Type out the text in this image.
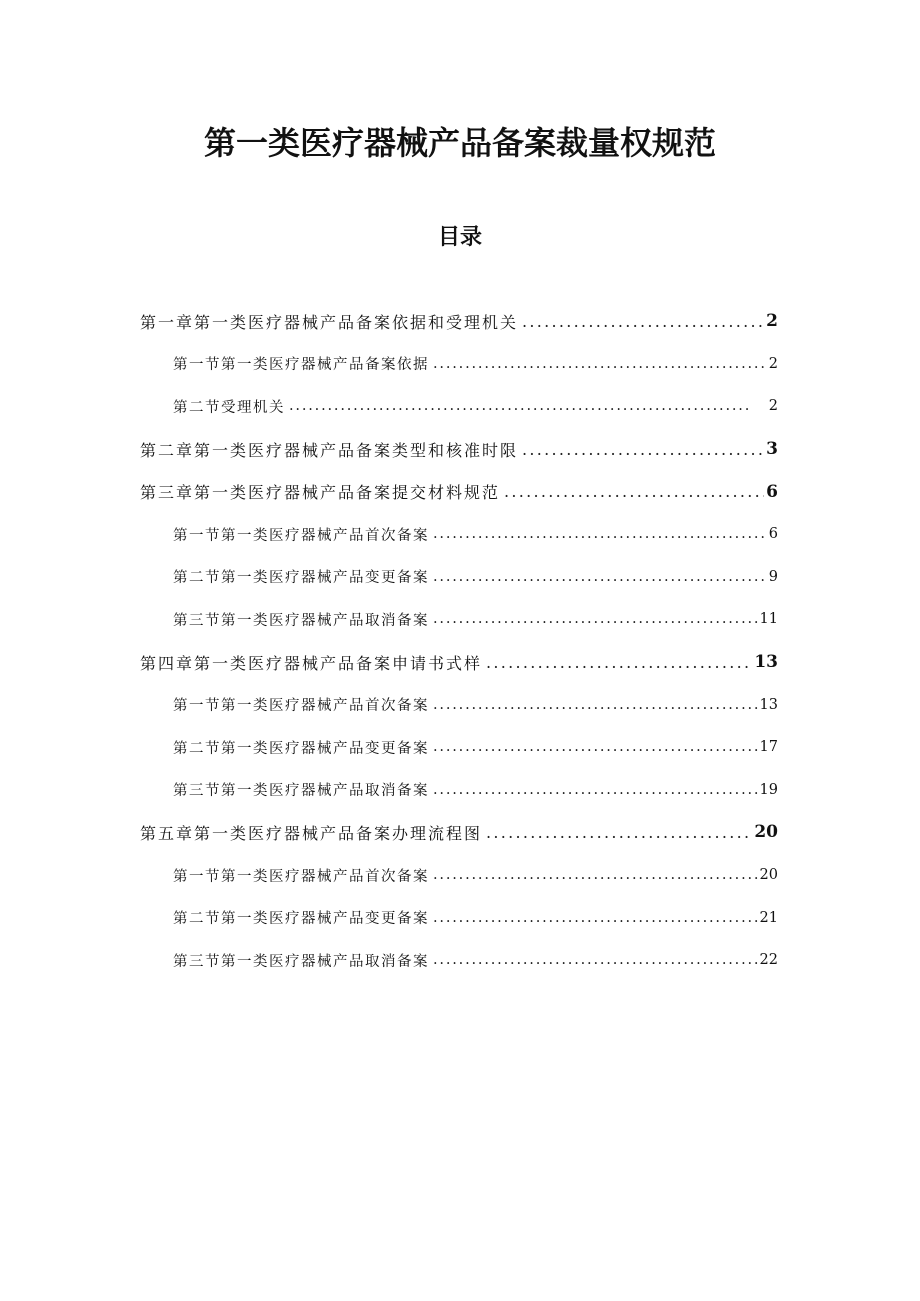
第一类医疗器械产品备案裁量权规范
目录
第一章第一类医疗器械产品备案依据和受理机关 . . .	2
第一节第一类医疗器械产品备案依据 . . .	2
第二节受理机关 . . .	2
第二章第一类医疗器械产品备案类型和核准时限 . . .	3
第三章第一类医疗器械产品备案提交材料规范 . . .	6
第一节第一类医疗器械产品首次备案 . . .	6
第二节第一类医疗器械产品变更备案 . . .	9
第三节第一类医疗器械产品取消备案 . . .	11
第四章第一类医疗器械产品备案申请书式样 . . .	13
第一节第一类医疗器械产品首次备案 . . .	13
第二节第一类医疗器械产品变更备案 . . .	17
第三节第一类医疗器械产品取消备案 . . .	19
第五章第一类医疗器械产品备案办理流程图 . . .	20
第一节第一类医疗器械产品首次备案 . . .	20
第二节第一类医疗器械产品变更备案 . . .	21
第三节第一类医疗器械产品取消备案 . . .	22
